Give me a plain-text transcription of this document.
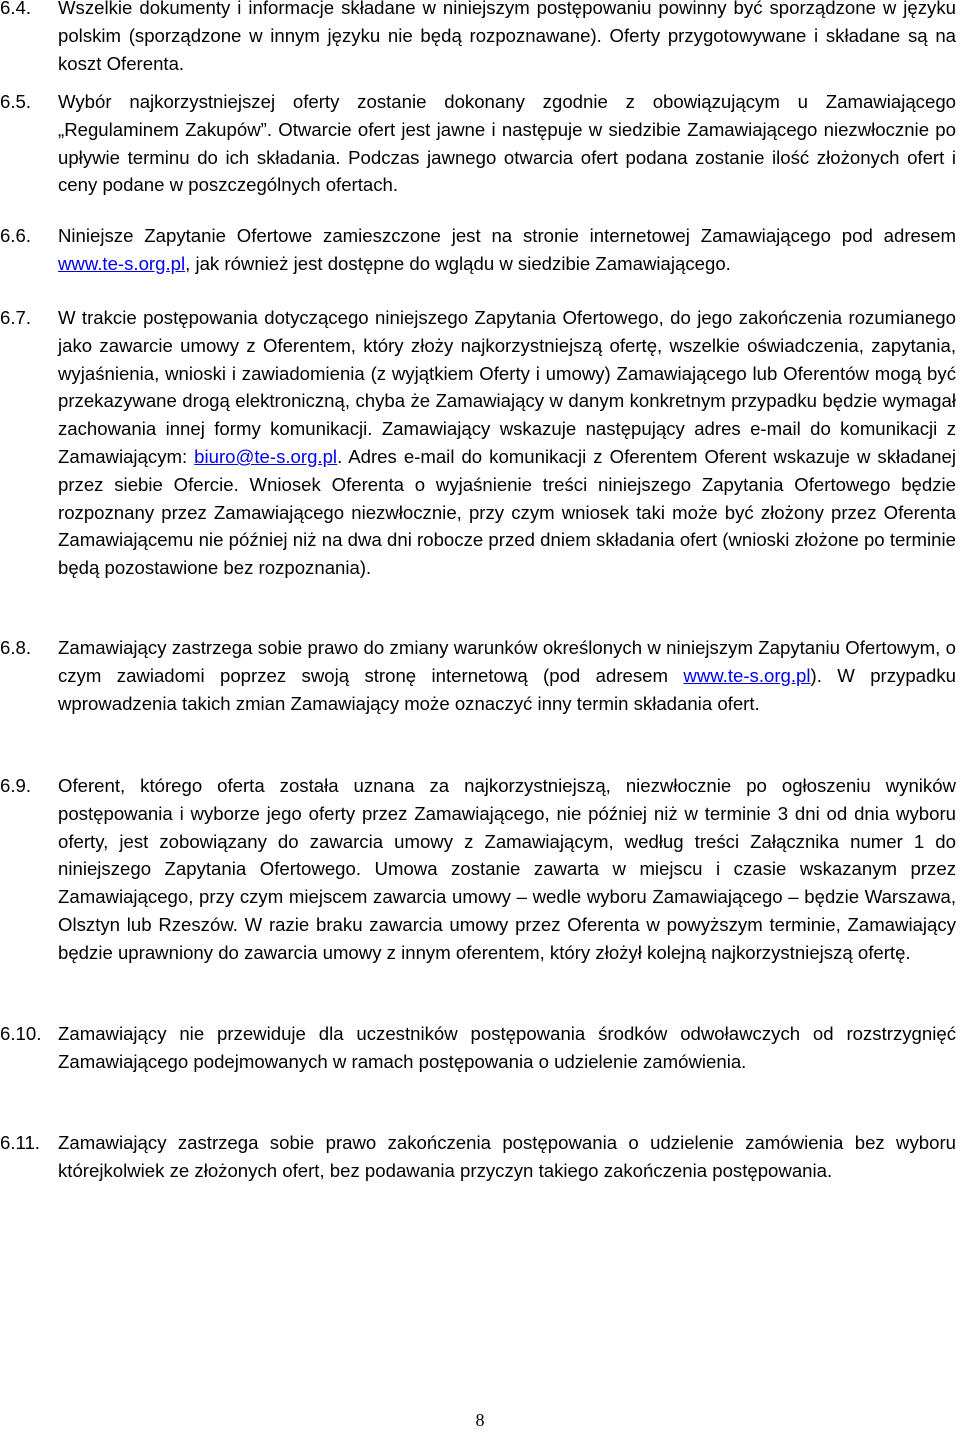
6.4.	Wszelkie dokumenty i informacje składane w niniejszym postępowaniu powinny być sporządzone w języku polskim (sporządzone w innym języku nie będą rozpoznawane). Oferty przygotowywane i składane są na koszt Oferenta.
6.5.	Wybór najkorzystniejszej oferty zostanie dokonany zgodnie z obowiązującym u Zamawiającego „Regulaminem Zakupów”. Otwarcie ofert jest jawne i następuje w siedzibie Zamawiającego niezwłocznie po upływie terminu do ich składania. Podczas jawnego otwarcia ofert podana zostanie ilość złożonych ofert i ceny podane w poszczególnych ofertach.
6.6.	Niniejsze Zapytanie Ofertowe zamieszczone jest na stronie internetowej Zamawiającego pod adresem www.te-s.org.pl, jak również jest dostępne do wglądu w siedzibie Zamawiającego.
6.7.	W trakcie postępowania dotyczącego niniejszego Zapytania Ofertowego, do jego zakończenia rozumianego jako zawarcie umowy z Oferentem, który złoży najkorzystniejszą ofertę, wszelkie oświadczenia, zapytania, wyjaśnienia, wnioski i zawiadomienia (z wyjątkiem Oferty i umowy) Zamawiającego lub Oferentów mogą być przekazywane drogą elektroniczną, chyba że Zamawiający w danym konkretnym przypadku będzie wymagał zachowania innej formy komunikacji. Zamawiający wskazuje następujący adres e-mail do komunikacji z Zamawiającym: biuro@te-s.org.pl. Adres e-mail do komunikacji z Oferentem Oferent wskazuje w składanej przez siebie Ofercie. Wniosek Oferenta o wyjaśnienie treści niniejszego Zapytania Ofertowego będzie rozpoznany przez Zamawiającego niezwłocznie, przy czym wniosek taki może być złożony przez Oferenta Zamawiającemu nie później niż na dwa dni robocze przed dniem składania ofert (wnioski złożone po terminie będą pozostawione bez rozpoznania).
6.8.	Zamawiający zastrzega sobie prawo do zmiany warunków określonych w niniejszym Zapytaniu Ofertowym, o czym zawiadomi poprzez swoją stronę internetową (pod adresem www.te-s.org.pl). W przypadku wprowadzenia takich zmian Zamawiający może oznaczyć inny termin składania ofert.
6.9.	Oferent, którego oferta została uznana za najkorzystniejszą, niezwłocznie po ogłoszeniu wyników postępowania i wyborze jego oferty przez Zamawiającego, nie później niż w terminie 3 dni od dnia wyboru oferty, jest zobowiązany do zawarcia umowy z Zamawiającym, według treści Załącznika numer 1 do niniejszego Zapytania Ofertowego. Umowa zostanie zawarta w miejscu i czasie wskazanym przez Zamawiającego, przy czym miejscem zawarcia umowy – wedle wyboru Zamawiającego – będzie Warszawa, Olsztyn lub Rzeszów. W razie braku zawarcia umowy przez Oferenta w powyższym terminie, Zamawiający będzie uprawniony do zawarcia umowy z innym oferentem, który złożył kolejną najkorzystniejszą ofertę.
6.10. Zamawiający nie przewiduje dla uczestników postępowania środków odwoławczych od rozstrzygnięć Zamawiającego podejmowanych w ramach postępowania o udzielenie zamówienia.
6.11. Zamawiający zastrzega sobie prawo zakończenia postępowania o udzielenie zamówienia bez wyboru którejkolwiek ze złożonych ofert, bez podawania przyczyn takiego zakończenia postępowania.
8
